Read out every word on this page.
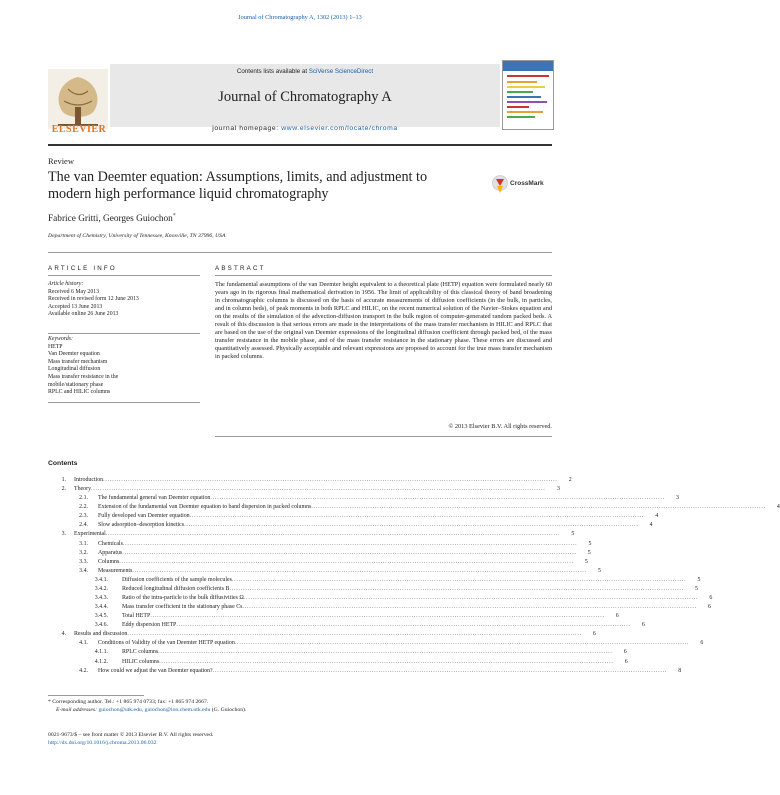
Journal of Chromatography A, 1302 (2013) 1–13
Contents lists available at SciVerse ScienceDirect
Journal of Chromatography A
journal homepage: www.elsevier.com/locate/chroma
ELSEVIER
Review
The van Deemter equation: Assumptions, limits, and adjustment to modern high performance liquid chromatography
CrossMark
Fabrice Gritti, Georges Guiochon*
Department of Chemistry, University of Tennessee, Knoxville, TN 37996, USA
ARTICLE INFO	ABSTRACT
Article history:
Received 6 May 2013
Received in revised form 12 June 2013
Accepted 13 June 2013
Available online 26 June 2013
Keywords:
HETP
Van Deemter equation
Mass transfer mechanism
Longitudinal diffusion
Mass transfer resistance in the
mobile/stationary phase
RPLC and HILIC columns
The fundamental assumptions of the van Deemter height equivalent to a theoretical plate (HETP) equation were formulated nearly 60 years ago in its rigorous final mathematical derivation in 1956. The limit of applicability of this classical theory of band broadening in chromatographic columns is discussed on the basis of accurate measurements of diffusion coefficients (in the bulk, in particles, and in column beds), of peak moments in both RPLC and HILIC, on the recent numerical solution of the Navier–Stokes equation and on the results of the simulation of the advection-diffusion transport in the bulk region of computer-generated random packed beds. A result of this discussion is that serious errors are made in the interpretations of the mass transfer mechanism in HILIC and RPLC that are based on the use of the original van Deemter expressions of the longitudinal diffusion coefficient through packed bed, of the mass transfer resistance in the mobile phase, and of the mass transfer resistance in the stationary phase. These errors are discussed and quantitatively assessed. Physically acceptable and relevant expressions are proposed to account for the true mass transfer mechanism in packed columns.
© 2013 Elsevier B.V. All rights reserved.
Contents
1. Introduction ........................................................................................................................................................................................................	2
2. Theory ........................................................................................................................................................................................................	3
2.1. The fundamental general van Deemter equation ........................................................................................................................................................................................................	3
2.2. Extension of the fundamental van Deemter equation to band dispersion in packed columns ........................................................................................................................................................................................................	4
2.3. Fully developed van Deemter equation ........................................................................................................................................................................................................	4
2.4. Slow adsorption–desorption kinetics ........................................................................................................................................................................................................	4
3. Experimental ........................................................................................................................................................................................................	5
3.1. Chemicals ........................................................................................................................................................................................................	5
3.2. Apparatus ........................................................................................................................................................................................................	5
3.3. Columns ........................................................................................................................................................................................................	5
3.4. Measurements ........................................................................................................................................................................................................	5
3.4.1. Diffusion coefficients of the sample molecules ........................................................................................................................................................................................................	5
3.4.2. Reduced longitudinal diffusion coefficients B ........................................................................................................................................................................................................	5
3.4.3. Ratio of the intra-particle to the bulk diffusivities Ω ........................................................................................................................................................................................................	6
3.4.4. Mass transfer coefficient in the stationary phase Cs ........................................................................................................................................................................................................	6
3.4.5. Total HETP ........................................................................................................................................................................................................	6
3.4.6. Eddy dispersion HETP ........................................................................................................................................................................................................	6
4. Results and discussion ........................................................................................................................................................................................................	6
4.1. Conditions of Validity of the van Deemter HETP equation ........................................................................................................................................................................................................	6
4.1.1. RPLC columns ........................................................................................................................................................................................................	6
4.1.2. HILIC columns ........................................................................................................................................................................................................	6
4.2. How could we adjust the van Deemter equation? ........................................................................................................................................................................................................	8
* Corresponding author. Tel.: +1 865 974 0733; fax: +1 865 974 2667.
E-mail addresses: guiochon@utk.edu, guiochon@ion.chem.utk.edu (G. Guiochon).
0021-9673/$ – see front matter © 2013 Elsevier B.V. All rights reserved.
http://dx.doi.org/10.1016/j.chroma.2013.06.032
